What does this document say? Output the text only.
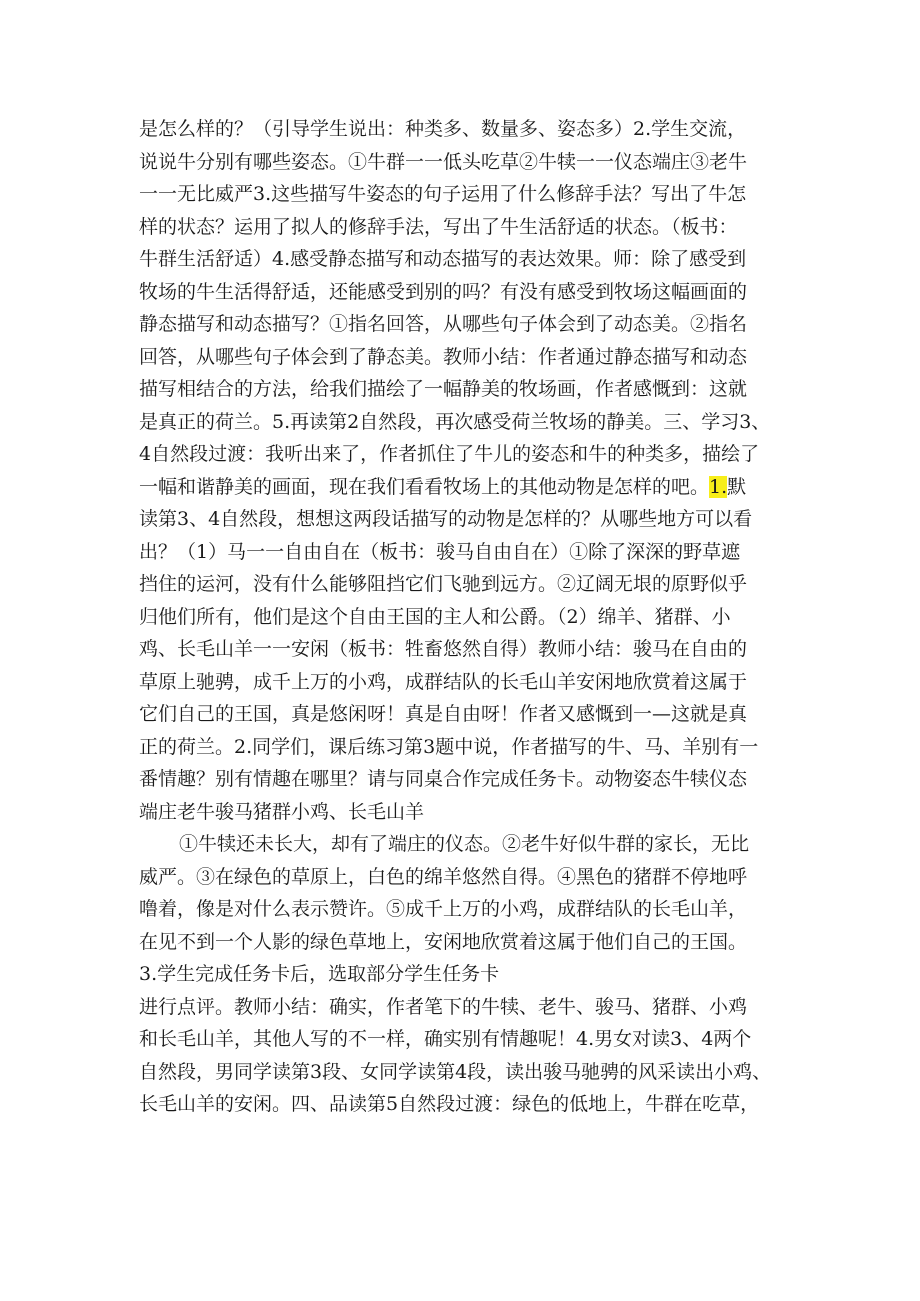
是怎么样的？（引导学生说出：种类多、数量多、姿态多）2.学生交流，
说说牛分别有哪些姿态。①牛群一一低头吃草②牛犊一一仪态端庄③老牛
一一无比威严3.这些描写牛姿态的句子运用了什么修辞手法？写出了牛怎
样的状态？运用了拟人的修辞手法，写出了牛生活舒适的状态。（板书：
牛群生活舒适）4.感受静态描写和动态描写的表达效果。师：除了感受到
牧场的牛生活得舒适，还能感受到别的吗？有没有感受到牧场这幅画面的
静态描写和动态描写？①指名回答，从哪些句子体会到了动态美。②指名
回答，从哪些句子体会到了静态美。教师小结：作者通过静态描写和动态
描写相结合的方法，给我们描绘了一幅静美的牧场画，作者感慨到：这就
是真正的荷兰。5.再读第2自然段，再次感受荷兰牧场的静美。三、学习3、
4自然段过渡：我听出来了，作者抓住了牛儿的姿态和牛的种类多，描绘了
一幅和谐静美的画面，现在我们看看牧场上的其他动物是怎样的吧。1.默
读第3、4自然段，想想这两段话描写的动物是怎样的？从哪些地方可以看
出？（1）马一一自由自在（板书：骏马自由自在）①除了深深的野草遮
挡住的运河，没有什么能够阻挡它们飞驰到远方。②辽阔无垠的原野似乎
归他们所有，他们是这个自由王国的主人和公爵。（2）绵羊、猪群、小
鸡、长毛山羊一一安闲（板书：牲畜悠然自得）教师小结：骏马在自由的
草原上驰骋，成千上万的小鸡，成群结队的长毛山羊安闲地欣赏着这属于
它们自己的王国，真是悠闲呀！真是自由呀！作者又感慨到一—这就是真
正的荷兰。2.同学们，课后练习第3题中说，作者描写的牛、马、羊别有一
番情趣？别有情趣在哪里？请与同桌合作完成任务卡。动物姿态牛犊仪态
端庄老牛骏马猪群小鸡、长毛山羊
①牛犊还未长大，却有了端庄的仪态。②老牛好似牛群的家长，无比
威严。③在绿色的草原上，白色的绵羊悠然自得。④黑色的猪群不停地呼
噜着，像是对什么表示赞许。⑤成千上万的小鸡，成群结队的长毛山羊，
在见不到一个人影的绿色草地上，安闲地欣赏着这属于他们自己的王国。
3.学生完成任务卡后，选取部分学生任务卡
进行点评。教师小结：确实，作者笔下的牛犊、老牛、骏马、猪群、小鸡
和长毛山羊，其他人写的不一样，确实别有情趣呢！4.男女对读3、4两个
自然段，男同学读第3段、女同学读第4段，读出骏马驰骋的风采读出小鸡、
长毛山羊的安闲。四、品读第5自然段过渡：绿色的低地上，牛群在吃草，
